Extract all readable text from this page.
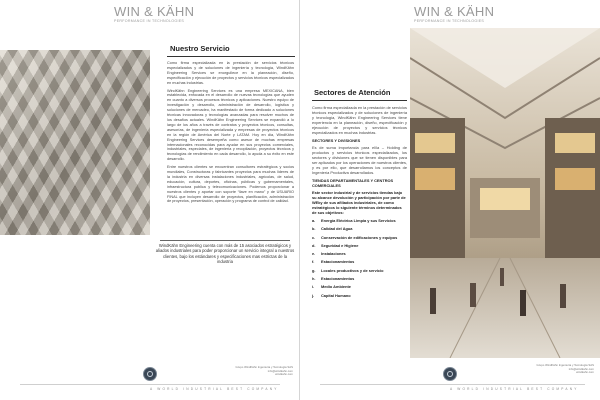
WIN & KÄHN
PERFORMANCE IN TECHNOLOGIES
Nuestro Servicio

Como firma especializada en la prestación de servicios técnicos especializados y de soluciones de ingeniería y tecnología, WindKähn Engineering Services se enorgullece en la planeación, diseño, especificación y ejecución de proyectos y servicios técnicos especializados en muchas industrias.

WindKähn Engineering Services es una empresa MEXICANA, bien establecida, enfocada en el desarrollo de nuevas tecnologías que ayuden en cuanto a diversos procesos técnicos y aplicaciones. Nuestro equipo de investigación y desarrollo, administración de desarrollo, logística y soluciones de mercadeo, ha manifestado de forma dedicado a soluciones técnicas innovadoras y tecnologías avanzadas para resolver muchos de los desafíos actuales. WindKähn Engineering Services se expandió a lo largo de los años a través de contratos y proyectos técnicos, consultas, asesorías, de ingeniería especializada y empresas de proyectos técnicos en la región de América del Norte y LATAM. Hoy en día, WindKähn Engineering Services desempeña como asesor de muchas empresas internacionales reconocidas para ayudar en sus proyectos comerciales, industriales, especiales, de ingeniería y recopilación, proyectos técnicos y tecnologías de rendimiento en cada desarrollo, lo ayuda a su éxito en este desarrollo.

Entre nuestros clientes se encuentran consultores estratégicos y socios mundiales, Constructoras y fabricantes proyectos para muchas líderes de la industria en diversas instalaciones industriales, agrícolas, de salud, educación, cultura, deportes, oficinas, públicas y gubernamentales, infraestructura publica y telecomunicaciones. Podemos proporcionar a nuestros clientes y aportar con soporte “llave en mano” y de USUARIO FINAL que incluyen desarrollo de proyectos, planificación, administración de proyectos, presentación, operación y programa de control de calidad.

WindKähn Engineering cuenta con más de 15 asociados estratégicos y aliados industriales para poder proporcionar un servicio integral a nuestros clientes, bajo los estándares y especificaciones mas estrictas de la industria
Grupo WindKähn Ingeniería y Tecnología SAS
info@windkahn.com
windkahn.com
A WORLD INDUSTRIAL BEST COMPANY
WIN & KÄHN
PERFORMANCE IN TECHNOLOGIES
Sectores de Atención

Como firma especializada en la prestación de servicios técnicos especializados y de soluciones de ingeniería y tecnología, WindKähn Engineering Services tiene experiencia en la planeación, diseño, especificación y ejecución de proyectos y servicios técnicos especializados en muchas industrias.

SECTORES Y DIVISIONES

Es de suma importancia para el/la – Holding de productos y servicios técnicos especializados, los sectores y divisiones que se tienen disponibles para ser aplicados por los operaciones de nuestros clientes, y es por ello, que desarrollamos los conceptos de Ingeniería Productiva desarrollados.

TIENDAS DEPARTAMENTALES Y CENTROS COMERCIALES

Este sector industrial y de servicios tiendas bajo su alcance devolución y participación por parte de WEky de sus afiliados industriales, de como estratégicos lo siguiente términos determinados de sus objetivos:

a. Energía Eléctrica Limpia y sus Servicios
b. Calidad del Agua
c. Conservación de edificaciones y equipos
d. Seguridad e Higiene
e. Instalaciones
f. Estacionamientos
g. Locales productivos y de servicio
h. Estacionamientos
i. Medio Ambiente
j. Capital Humano
Grupo WindKähn Ingeniería y Tecnología SAS
info@windkahn.com
windkahn.com
A WORLD INDUSTRIAL BEST COMPANY
